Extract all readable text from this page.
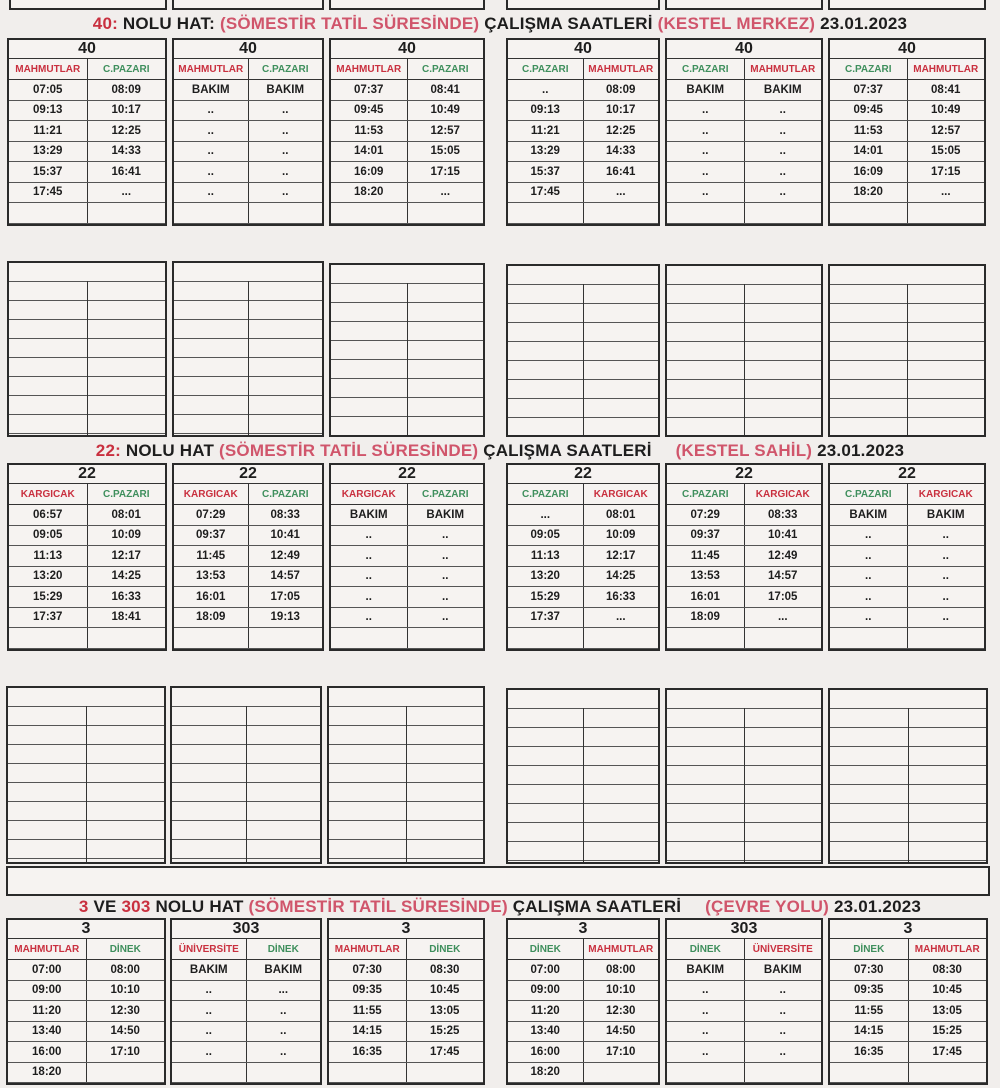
40: NOLU HAT: (SÖMESTİR TATİL SÜRESİNDE) ÇALIŞMA SAATLERİ (KESTEL MERKEZ) 23.01.2023
22: NOLU HAT (SÖMESTİR TATİL SÜRESİNDE) ÇALIŞMA SAATLERİ (KESTEL SAHİL) 23.01.2023
3 VE 303 NOLU HAT (SÖMESTİR TATİL SÜRESİNDE) ÇALIŞMA SAATLERİ (ÇEVRE YOLU) 23.01.2023
40
MAHMUTLAR	C.PAZARI
07:05	08:09
09:13	10:17
11:21	12:25
13:29	14:33
15:37	16:41
17:45	...
40
MAHMUTLAR	C.PAZARI
BAKIM	BAKIM
..	..
..	..
..	..
..	..
..	..
40
MAHMUTLAR	C.PAZARI
07:37	08:41
09:45	10:49
11:53	12:57
14:01	15:05
16:09	17:15
18:20	...
40
C.PAZARI	MAHMUTLAR
..	08:09
09:13	10:17
11:21	12:25
13:29	14:33
15:37	16:41
17:45	...
40
C.PAZARI	MAHMUTLAR
BAKIM	BAKIM
..	..
..	..
..	..
..	..
..	..
40
C.PAZARI	MAHMUTLAR
07:37	08:41
09:45	10:49
11:53	12:57
14:01	15:05
16:09	17:15
18:20	...
22
KARGICAK	C.PAZARI
06:57	08:01
09:05	10:09
11:13	12:17
13:20	14:25
15:29	16:33
17:37	18:41
22
KARGICAK	C.PAZARI
07:29	08:33
09:37	10:41
11:45	12:49
13:53	14:57
16:01	17:05
18:09	19:13
22
KARGICAK	C.PAZARI
BAKIM	BAKIM
..	..
..	..
..	..
..	..
..	..
22
C.PAZARI	KARGICAK
...	08:01
09:05	10:09
11:13	12:17
13:20	14:25
15:29	16:33
17:37	...
22
C.PAZARI	KARGICAK
07:29	08:33
09:37	10:41
11:45	12:49
13:53	14:57
16:01	17:05
18:09	...
22
C.PAZARI	KARGICAK
BAKIM	BAKIM
..	..
..	..
..	..
..	..
..	..
3
MAHMUTLAR	DİNEK
07:00	08:00
09:00	10:10
11:20	12:30
13:40	14:50
16:00	17:10
18:20
303
ÜNİVERSİTE	DİNEK
BAKIM	BAKIM
..	...
..	..
..	..
..	..
3
MAHMUTLAR	DİNEK
07:30	08:30
09:35	10:45
11:55	13:05
14:15	15:25
16:35	17:45
3
DİNEK	MAHMUTLAR
07:00	08:00
09:00	10:10
11:20	12:30
13:40	14:50
16:00	17:10
18:20
303
DİNEK	ÜNİVERSİTE
BAKIM	BAKIM
..	..
..	..
..	..
..	..
3
DİNEK	MAHMUTLAR
07:30	08:30
09:35	10:45
11:55	13:05
14:15	15:25
16:35	17:45
